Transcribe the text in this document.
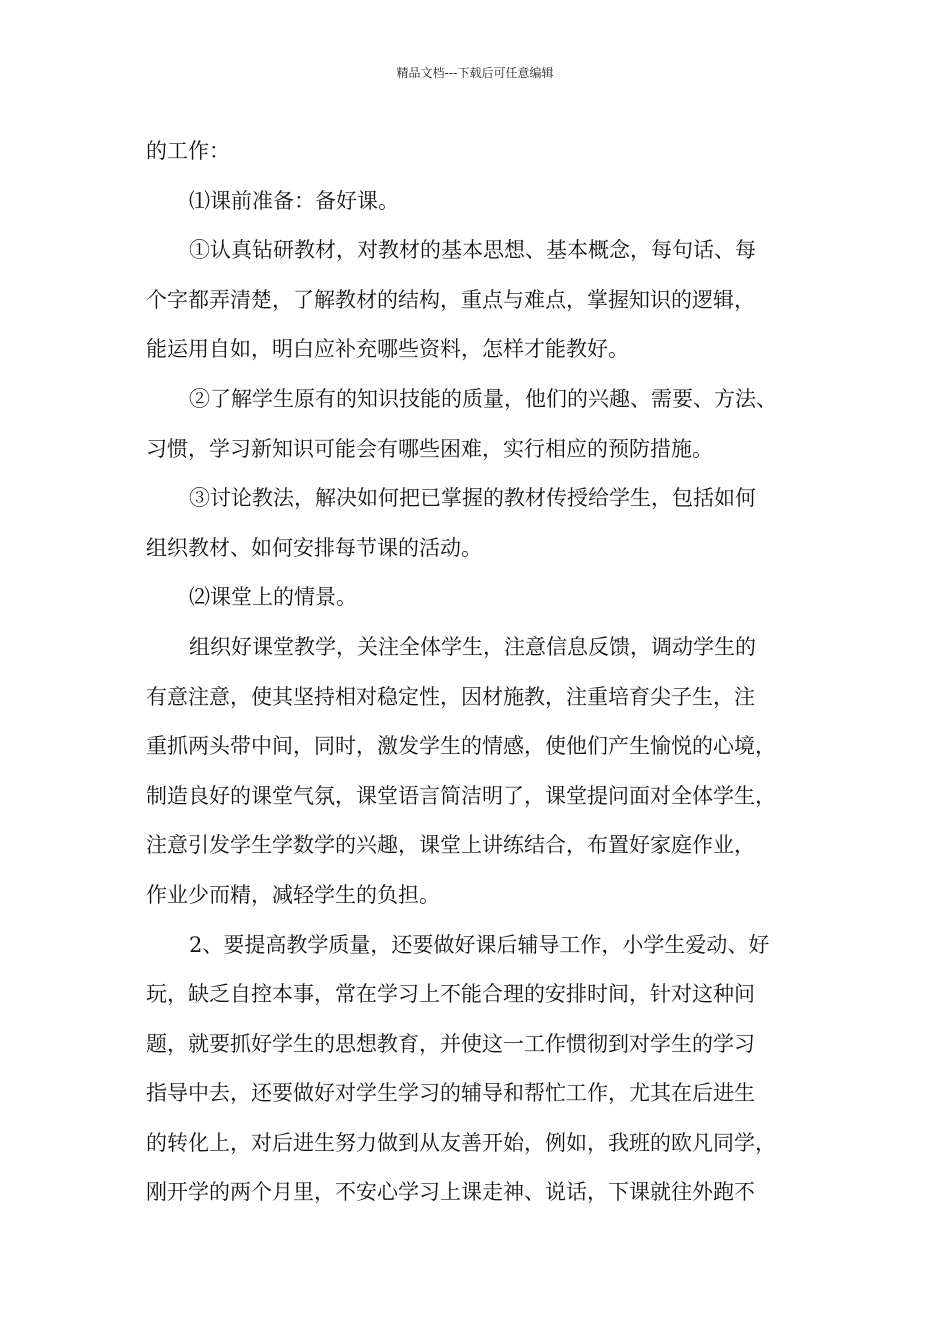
精品文档---下载后可任意编辑
的工作：
⑴课前准备：备好课。
①认真钻研教材，对教材的基本思想、基本概念，每句话、每
个字都弄清楚，了解教材的结构，重点与难点，掌握知识的逻辑，
能运用自如，明白应补充哪些资料，怎样才能教好。
②了解学生原有的知识技能的质量，他们的兴趣、需要、方法、
习惯，学习新知识可能会有哪些困难，实行相应的预防措施。
③讨论教法，解决如何把已掌握的教材传授给学生，包括如何
组织教材、如何安排每节课的活动。
⑵课堂上的情景。
组织好课堂教学，关注全体学生，注意信息反馈，调动学生的
有意注意，使其坚持相对稳定性，因材施教，注重培育尖子生，注
重抓两头带中间，同时，激发学生的情感，使他们产生愉悦的心境，
制造良好的课堂气氛，课堂语言简洁明了，课堂提问面对全体学生，
注意引发学生学数学的兴趣，课堂上讲练结合，布置好家庭作业，
作业少而精，减轻学生的负担。
2、要提高教学质量，还要做好课后辅导工作，小学生爱动、好
玩，缺乏自控本事，常在学习上不能合理的安排时间，针对这种问
题，就要抓好学生的思想教育，并使这一工作惯彻到对学生的学习
指导中去，还要做好对学生学习的辅导和帮忙工作，尤其在后进生
的转化上，对后进生努力做到从友善开始，例如，我班的欧凡同学，
刚开学的两个月里，不安心学习上课走神、说话，下课就往外跑不
